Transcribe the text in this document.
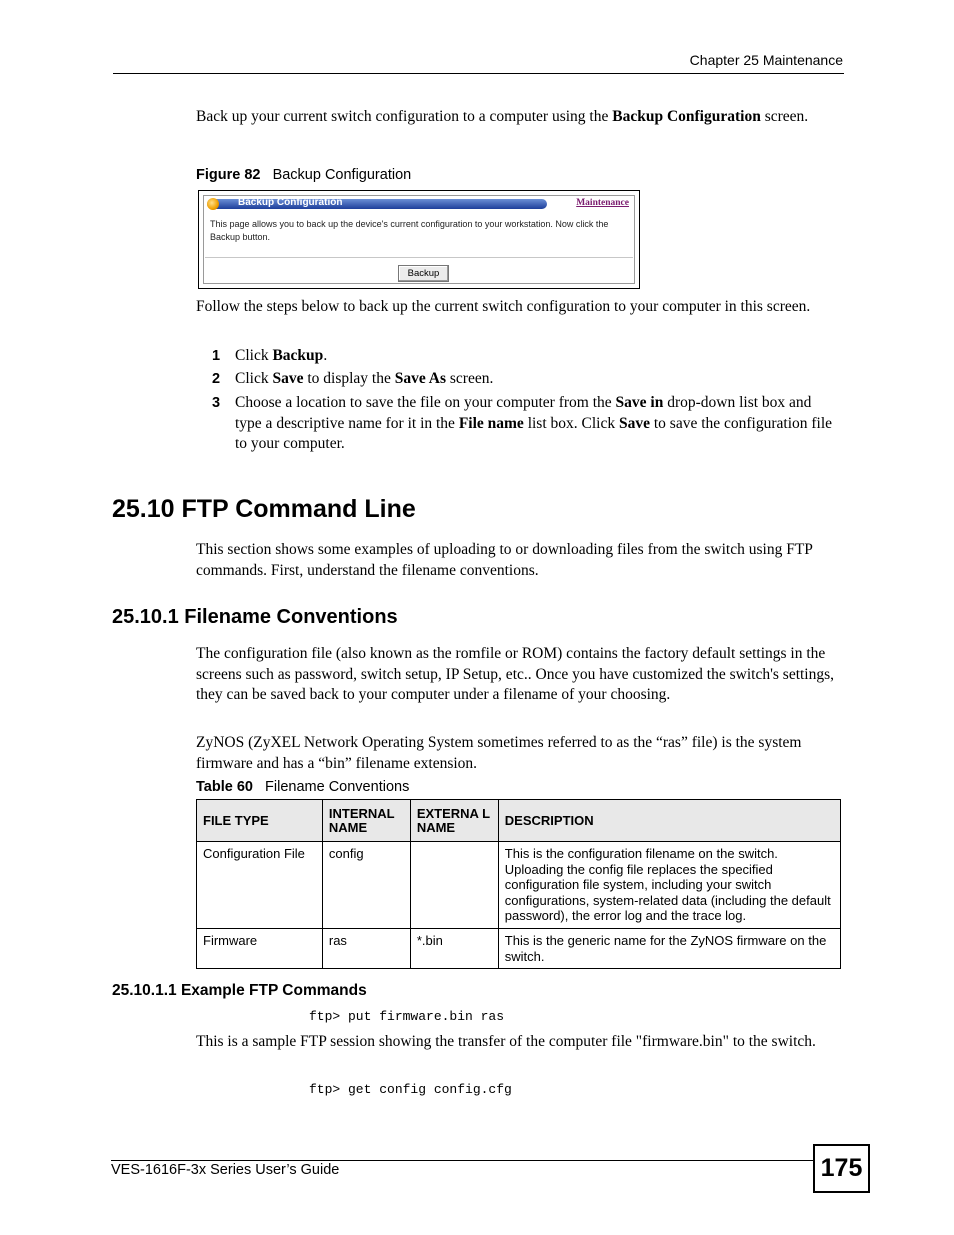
Chapter 25 Maintenance
Back up your current switch configuration to a computer using the Backup Configuration screen.
Figure 82 Backup Configuration
Backup Configuration	Maintenance
This page allows you to back up the device's current configuration to your workstation. Now click the Backup button.
Backup
Follow the steps below to back up the current switch configuration to your computer in this screen.
1 Click Backup.
2 Click Save to display the Save As screen.
3 Choose a location to save the file on your computer from the Save in drop-down list box and type a descriptive name for it in the File name list box. Click Save to save the configuration file to your computer.
25.10 FTP Command Line
This section shows some examples of uploading to or downloading files from the switch using FTP commands. First, understand the filename conventions.
25.10.1 Filename Conventions
The configuration file (also known as the romfile or ROM) contains the factory default settings in the screens such as password, switch setup, IP Setup, etc.. Once you have customized the switch's settings, they can be saved back to your computer under a filename of your choosing.
ZyNOS (ZyXEL Network Operating System sometimes referred to as the “ras” file) is the system firmware and has a “bin” filename extension.
Table 60 Filename Conventions
FILE TYPE	INTERNAL NAME	EXTERNA L NAME	DESCRIPTION
Configuration File	config		This is the configuration filename on the switch. Uploading the config file replaces the specified configuration file system, including your switch configurations, system-related data (including the default password), the error log and the trace log.
Firmware	ras	*.bin	This is the generic name for the ZyNOS firmware on the switch.
25.10.1.1 Example FTP Commands
ftp> put firmware.bin ras
This is a sample FTP session showing the transfer of the computer file "firmware.bin" to the switch.
ftp> get config config.cfg
VES-1616F-3x Series User’s Guide	175
